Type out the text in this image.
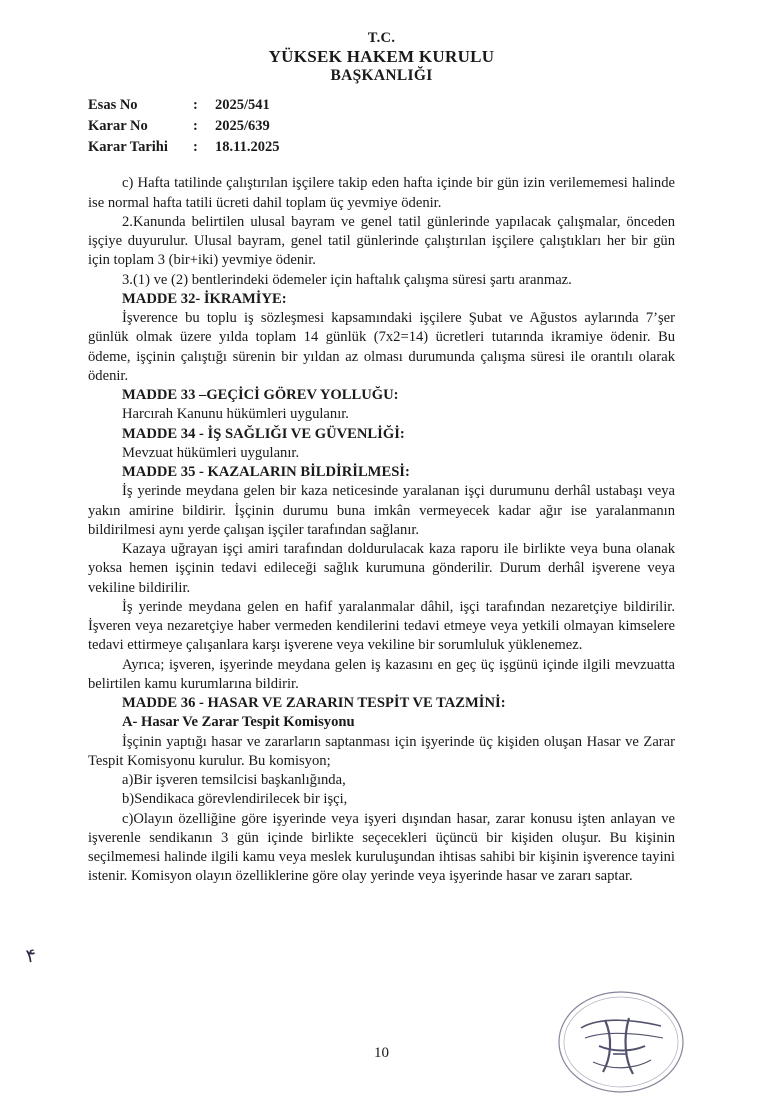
T.C.
YÜKSEK HAKEM KURULU
BAŞKANLIĞI
Esas No	:	2025/541
Karar No	:	2025/639
Karar Tarihi	:	18.11.2025

c) Hafta tatilinde çalıştırılan işçilere takip eden hafta içinde bir gün izin verilememesi halinde ise normal hafta tatili ücreti dahil toplam üç yevmiye ödenir.

2.Kanunda belirtilen ulusal bayram ve genel tatil günlerinde yapılacak çalışmalar, önceden işçiye duyurulur. Ulusal bayram, genel tatil günlerinde çalıştırılan işçilere çalıştıkları her bir gün için toplam 3 (bir+iki) yevmiye ödenir.

3.(1) ve (2) bentlerindeki ödemeler için haftalık çalışma süresi şartı aranmaz.

MADDE 32- İKRAMİYE:

İşverence bu toplu iş sözleşmesi kapsamındaki işçilere Şubat ve Ağustos aylarında 7’şer günlük olmak üzere yılda toplam 14 günlük (7x2=14) ücretleri tutarında ikramiye ödenir. Bu ödeme, işçinin çalıştığı sürenin bir yıldan az olması durumunda çalışma süresi ile orantılı olarak ödenir.

MADDE 33 –GEÇİCİ GÖREV YOLLUĞU:

Harcırah Kanunu hükümleri uygulanır.

MADDE 34 - İŞ SAĞLIĞI VE GÜVENLİĞİ:

Mevzuat hükümleri uygulanır.

MADDE 35 - KAZALARIN BİLDİRİLMESİ:

İş yerinde meydana gelen bir kaza neticesinde yaralanan işçi durumunu derhâl ustabaşı veya yakın amirine bildirir. İşçinin durumu buna imkân vermeyecek kadar ağır ise yaralanmanın bildirilmesi aynı yerde çalışan işçiler tarafından sağlanır.

Kazaya uğrayan işçi amiri tarafından doldurulacak kaza raporu ile birlikte veya buna olanak yoksa hemen işçinin tedavi edileceği sağlık kurumuna gönderilir. Durum derhâl işverene veya vekiline bildirilir.

İş yerinde meydana gelen en hafif yaralanmalar dâhil, işçi tarafından nezaretçiye bildirilir. İşveren veya nezaretçiye haber vermeden kendilerini tedavi etmeye veya yetkili olmayan kimselere tedavi ettirmeye çalışanlara karşı işverene veya vekiline bir sorumluluk yüklenemez.

Ayrıca; işveren, işyerinde meydana gelen iş kazasını en geç üç işgünü içinde ilgili mevzuatta belirtilen kamu kurumlarına bildirir.

MADDE 36 - HASAR VE ZARARIN TESPİT VE TAZMİNİ:

A- Hasar Ve Zarar Tespit Komisyonu

İşçinin yaptığı hasar ve zararların saptanması için işyerinde üç kişiden oluşan Hasar ve Zarar Tespit Komisyonu kurulur. Bu komisyon;

a)Bir işveren temsilcisi başkanlığında,

b)Sendikaca görevlendirilecek bir işçi,

c)Olayın özelliğine göre işyerinde veya işyeri dışından hasar, zarar konusu işten anlayan ve işverenle sendikanın 3 gün içinde birlikte seçecekleri üçüncü bir kişiden oluşur. Bu kişinin seçilmemesi halinde ilgili kamu veya meslek kuruluşundan ihtisas sahibi bir kişinin işverence tayini istenir. Komisyon olayın özelliklerine göre olay yerinde veya işyerinde hasar ve zararı saptar.

۴
10
